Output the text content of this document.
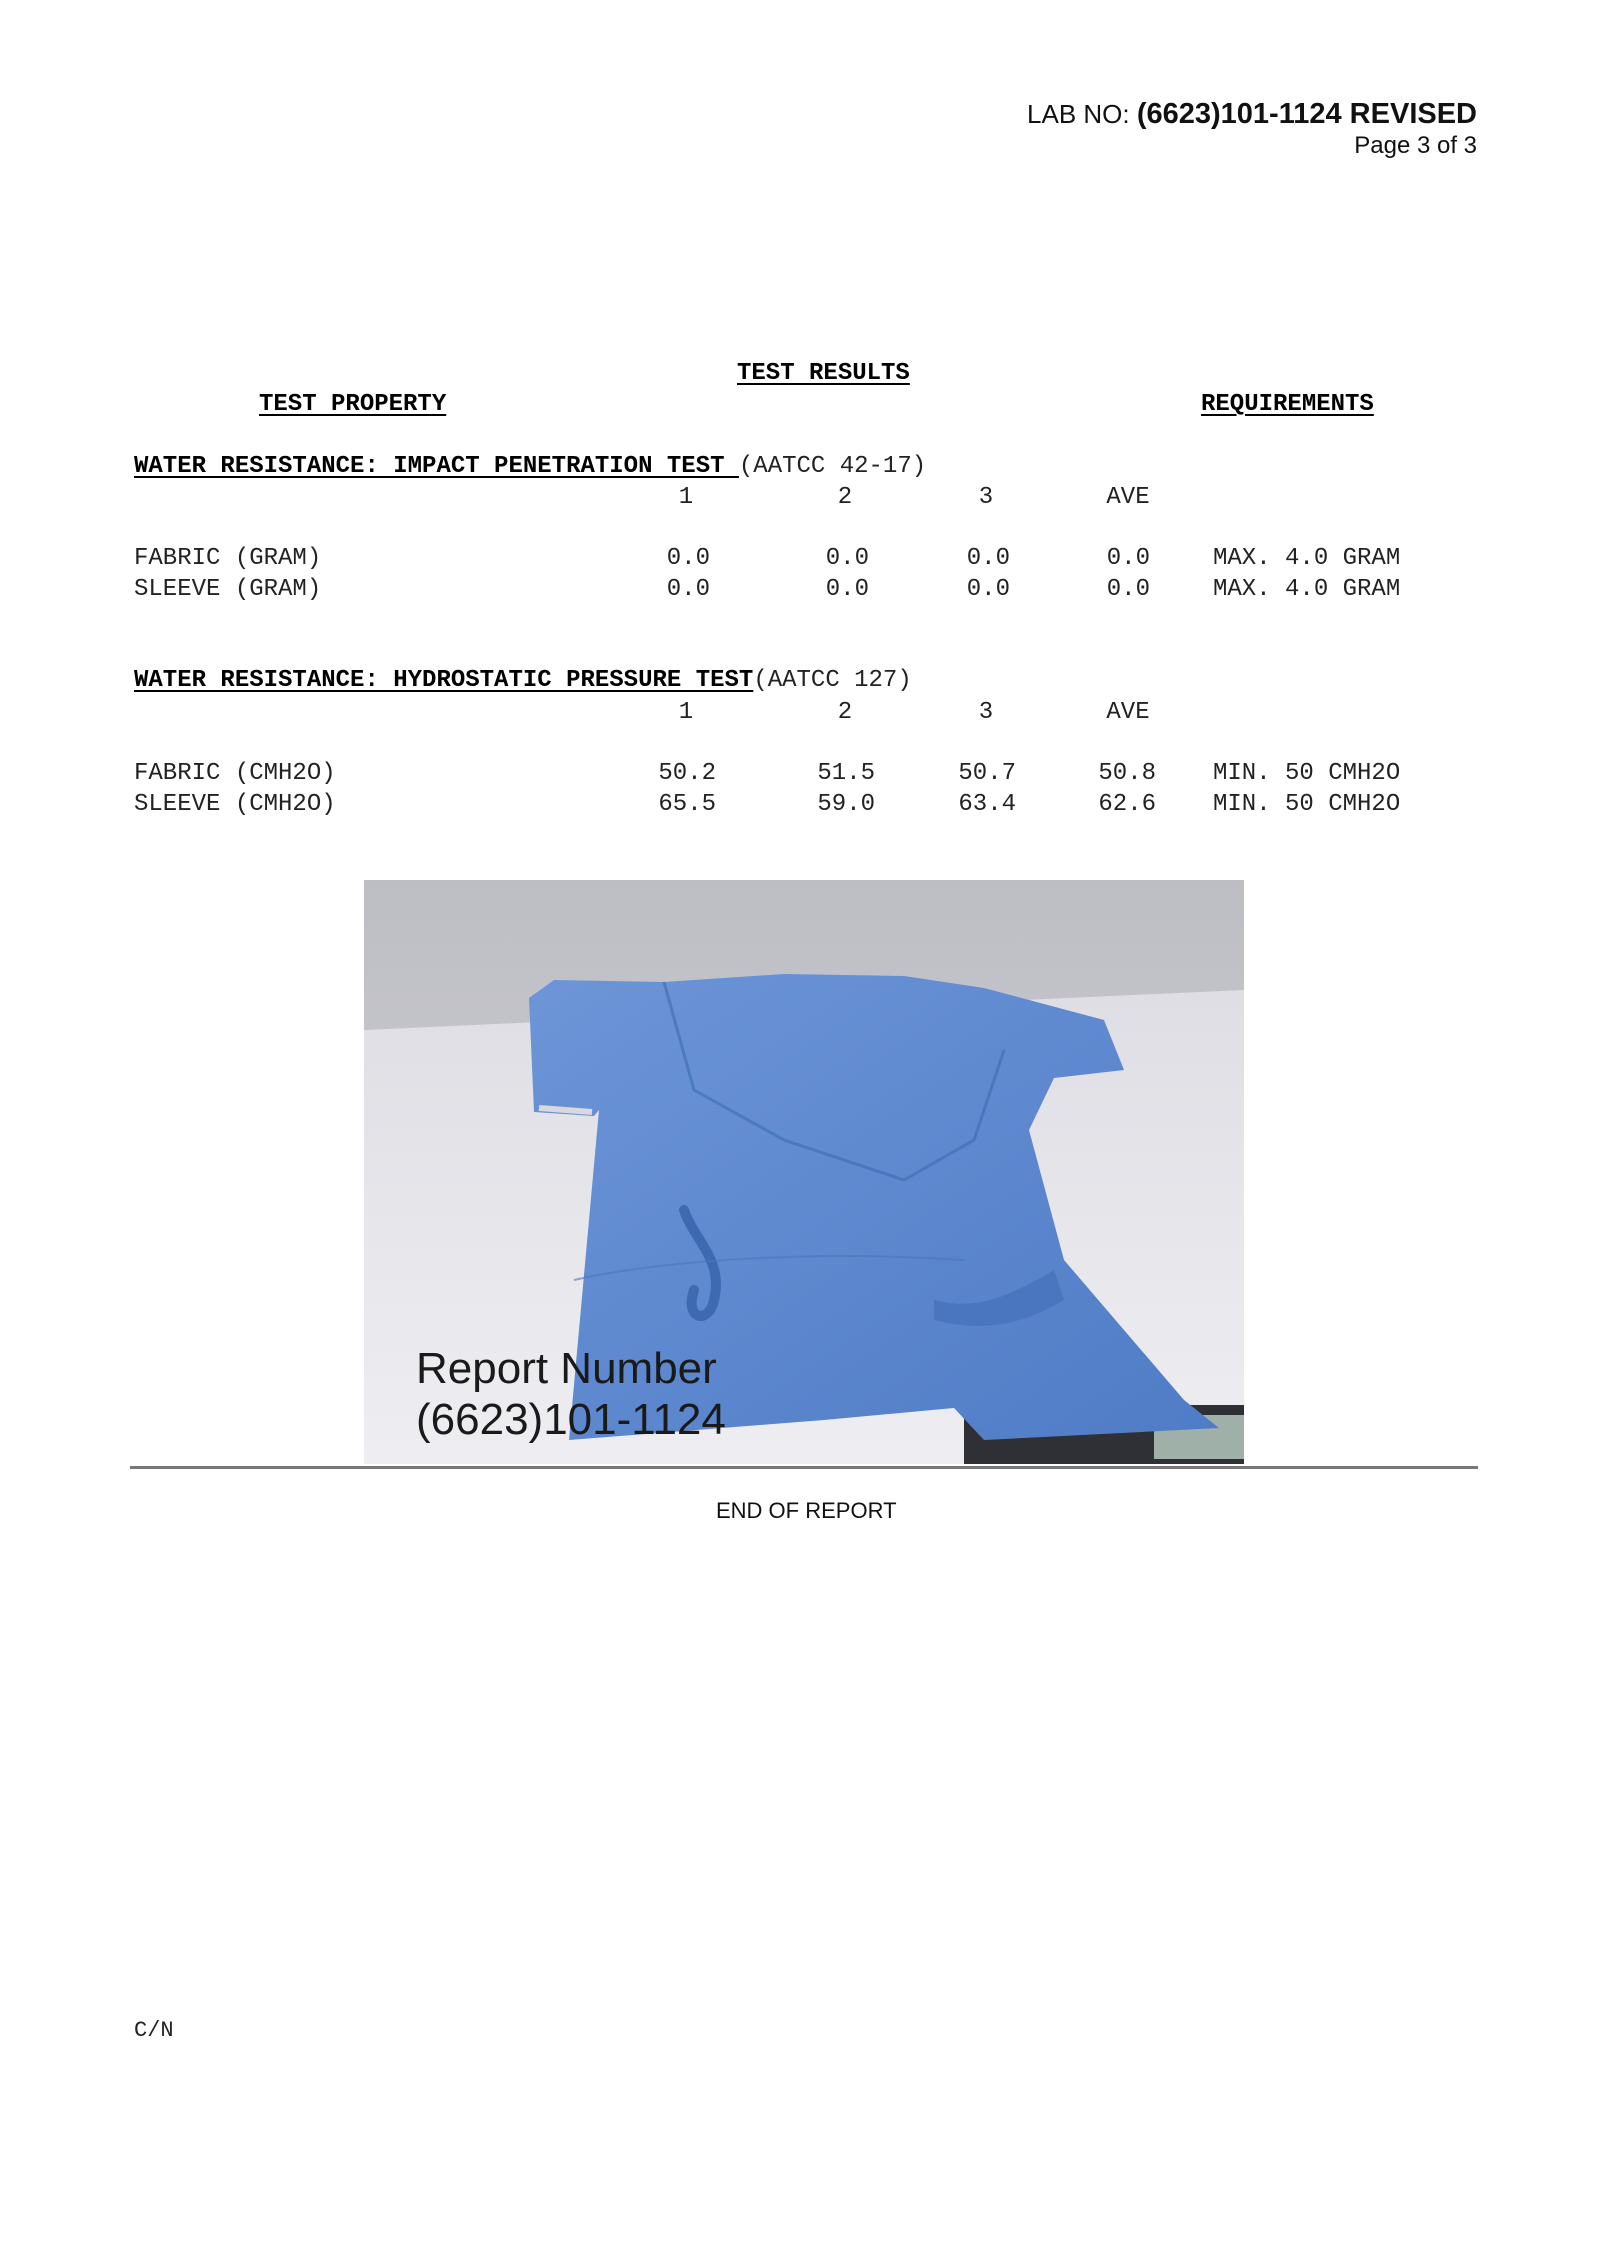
LAB NO: (6623)101-1124 REVISED
Page 3 of 3
TEST RESULTS
TEST PROPERTY	REQUIREMENTS
WATER RESISTANCE: IMPACT PENETRATION TEST (AATCC 42-17)
1	2	3	AVE
FABRIC (GRAM)	0.0	0.0	0.0	0.0	MAX. 4.0 GRAM
SLEEVE (GRAM)	0.0	0.0	0.0	0.0	MAX. 4.0 GRAM
WATER RESISTANCE: HYDROSTATIC PRESSURE TEST(AATCC 127)
1	2	3	AVE
FABRIC (CMH2O)	50.2	51.5	50.7	50.8 MIN. 50 CMH2O
SLEEVE (CMH2O)	65.5	59.0	63.4	62.6 MIN. 50 CMH2O
Report Number
(6623)101-1124
END OF REPORT
C/N
